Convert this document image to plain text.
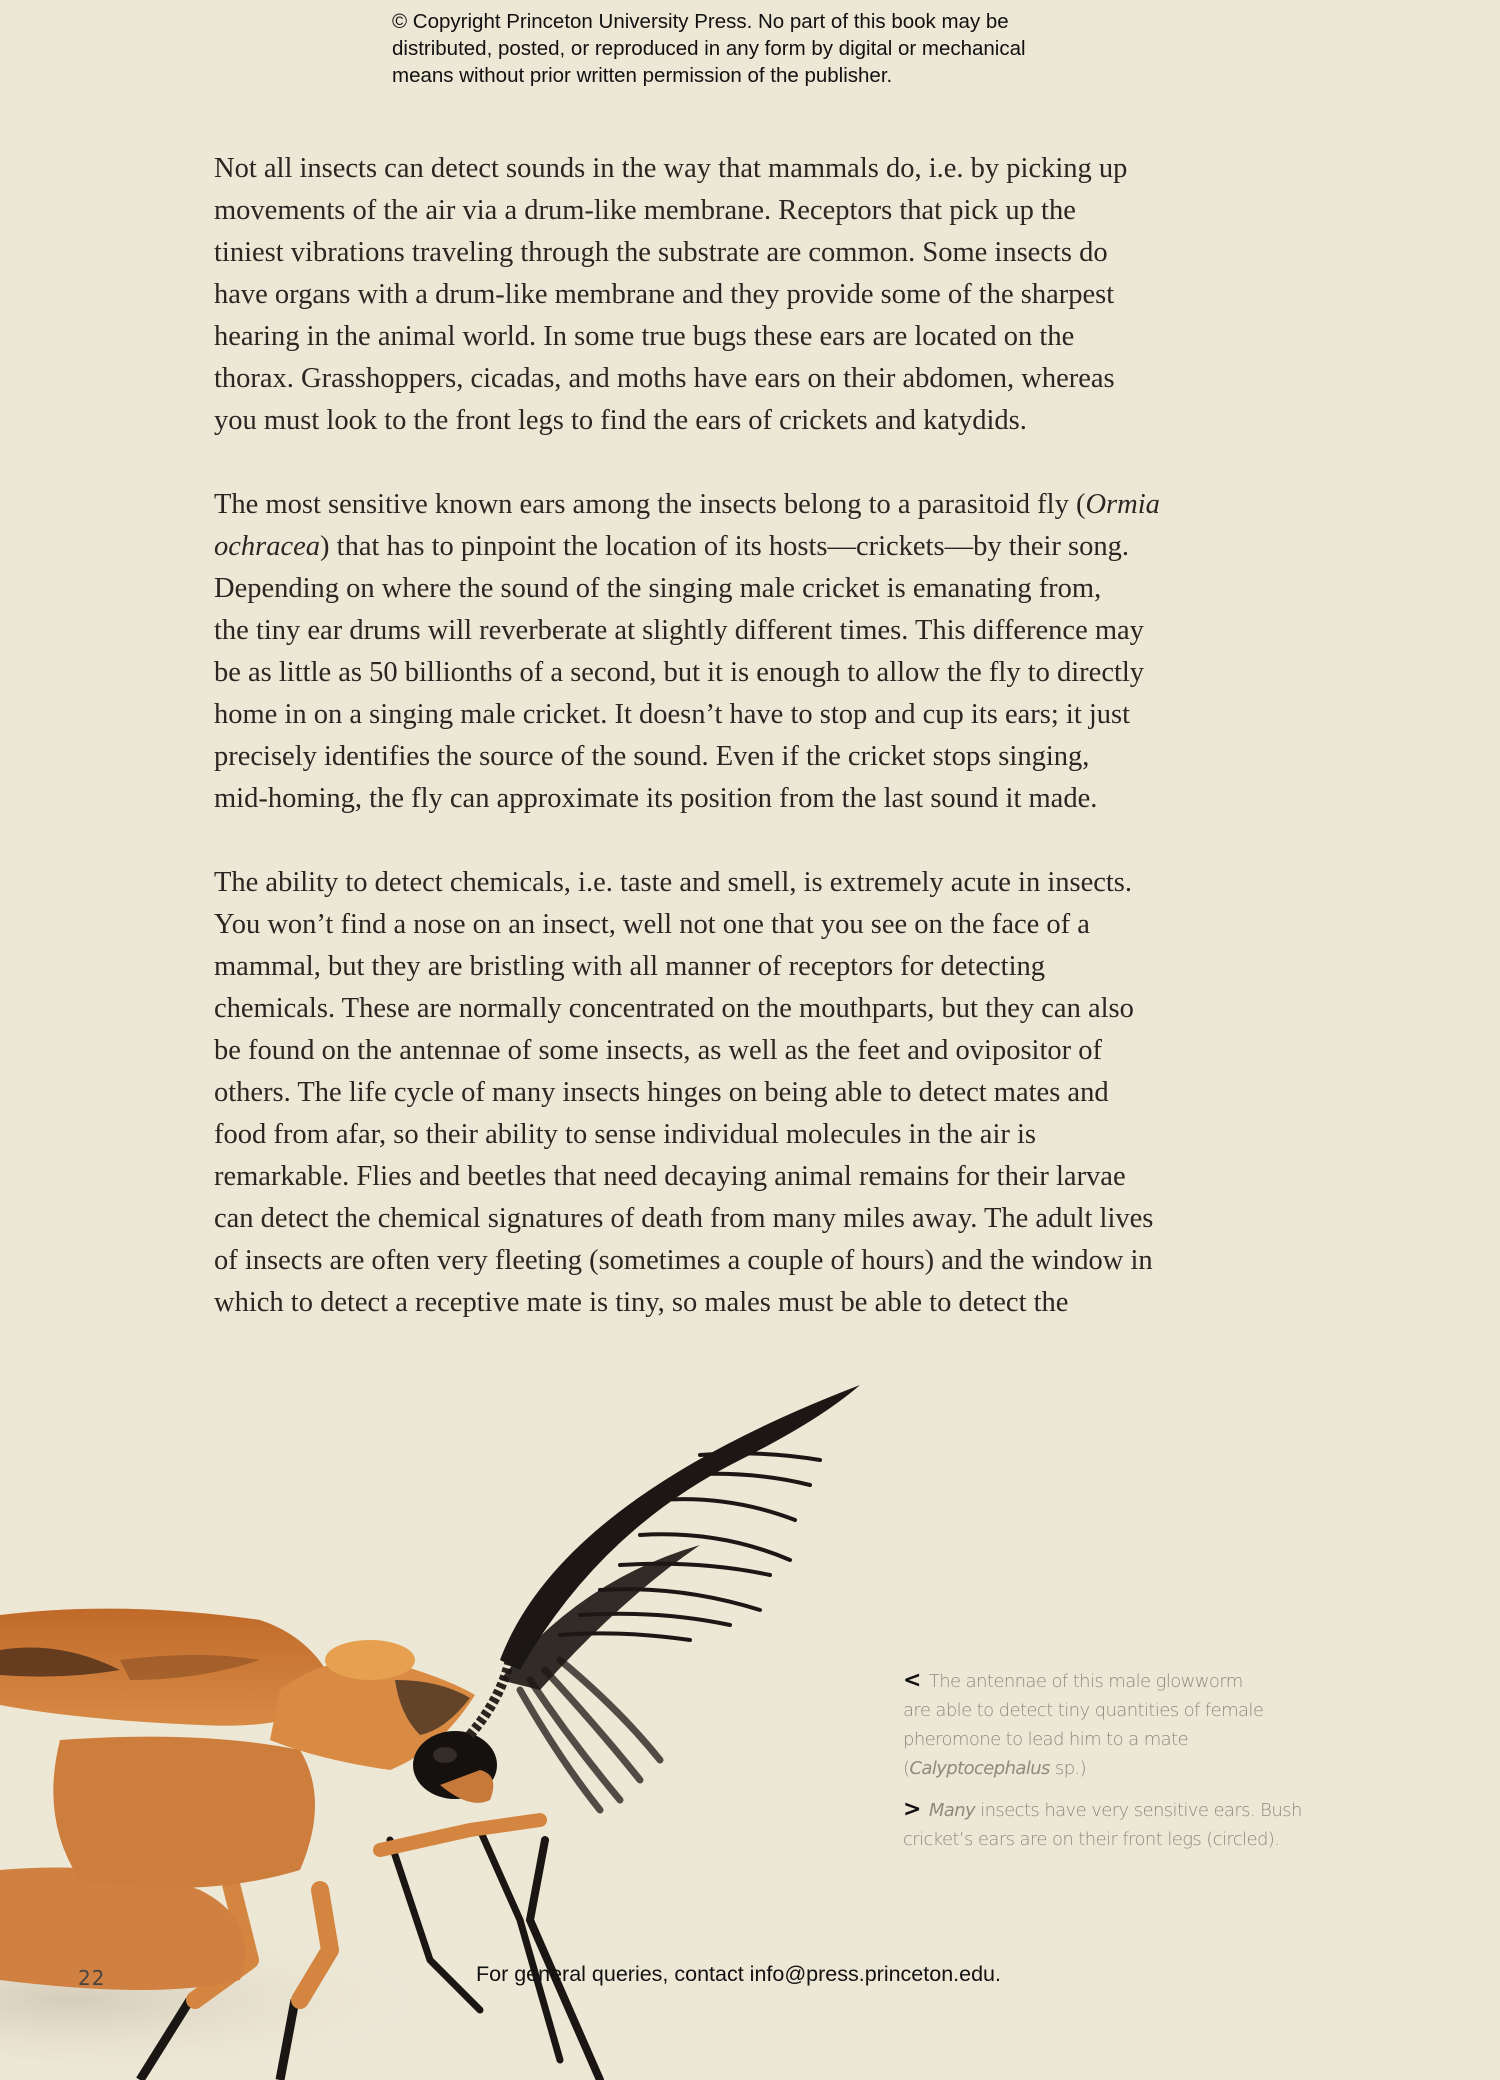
© Copyright Princeton University Press. No part of this book may be
distributed, posted, or reproduced in any form by digital or mechanical
means without prior written permission of the publisher.

Not all insects can detect sounds in the way that mammals do, i.e. by picking up
movements of the air via a drum-like membrane. Receptors that pick up the
tiniest vibrations traveling through the substrate are common. Some insects do
have organs with a drum-like membrane and they provide some of the sharpest
hearing in the animal world. In some true bugs these ears are located on the
thorax. Grasshoppers, cicadas, and moths have ears on their abdomen, whereas
you must look to the front legs to find the ears of crickets and katydids.

The most sensitive known ears among the insects belong to a parasitoid fly (Ormia
ochracea) that has to pinpoint the location of its hosts—crickets—by their song.
Depending on where the sound of the singing male cricket is emanating from,
the tiny ear drums will reverberate at slightly different times. This difference may
be as little as 50 billionths of a second, but it is enough to allow the fly to directly
home in on a singing male cricket. It doesn’t have to stop and cup its ears; it just
precisely identifies the source of the sound. Even if the cricket stops singing,
mid-homing, the fly can approximate its position from the last sound it made.

The ability to detect chemicals, i.e. taste and smell, is extremely acute in insects.
You won’t find a nose on an insect, well not one that you see on the face of a
mammal, but they are bristling with all manner of receptors for detecting
chemicals. These are normally concentrated on the mouthparts, but they can also
be found on the antennae of some insects, as well as the feet and ovipositor of
others. The life cycle of many insects hinges on being able to detect mates and
food from afar, so their ability to sense individual molecules in the air is
remarkable. Flies and beetles that need decaying animal remains for their larvae
can detect the chemical signatures of death from many miles away. The adult lives
of insects are often very fleeting (sometimes a couple of hours) and the window in
which to detect a receptive mate is tiny, so males must be able to detect the

< The antennae of this male glowworm
are able to detect tiny quantities of female
pheromone to lead him to a mate
(Calyptocephalus sp.)
> Many insects have very sensitive ears. Bush
cricket’s ears are on their front legs (circled).
22	For general queries, contact info@press.princeton.edu.
